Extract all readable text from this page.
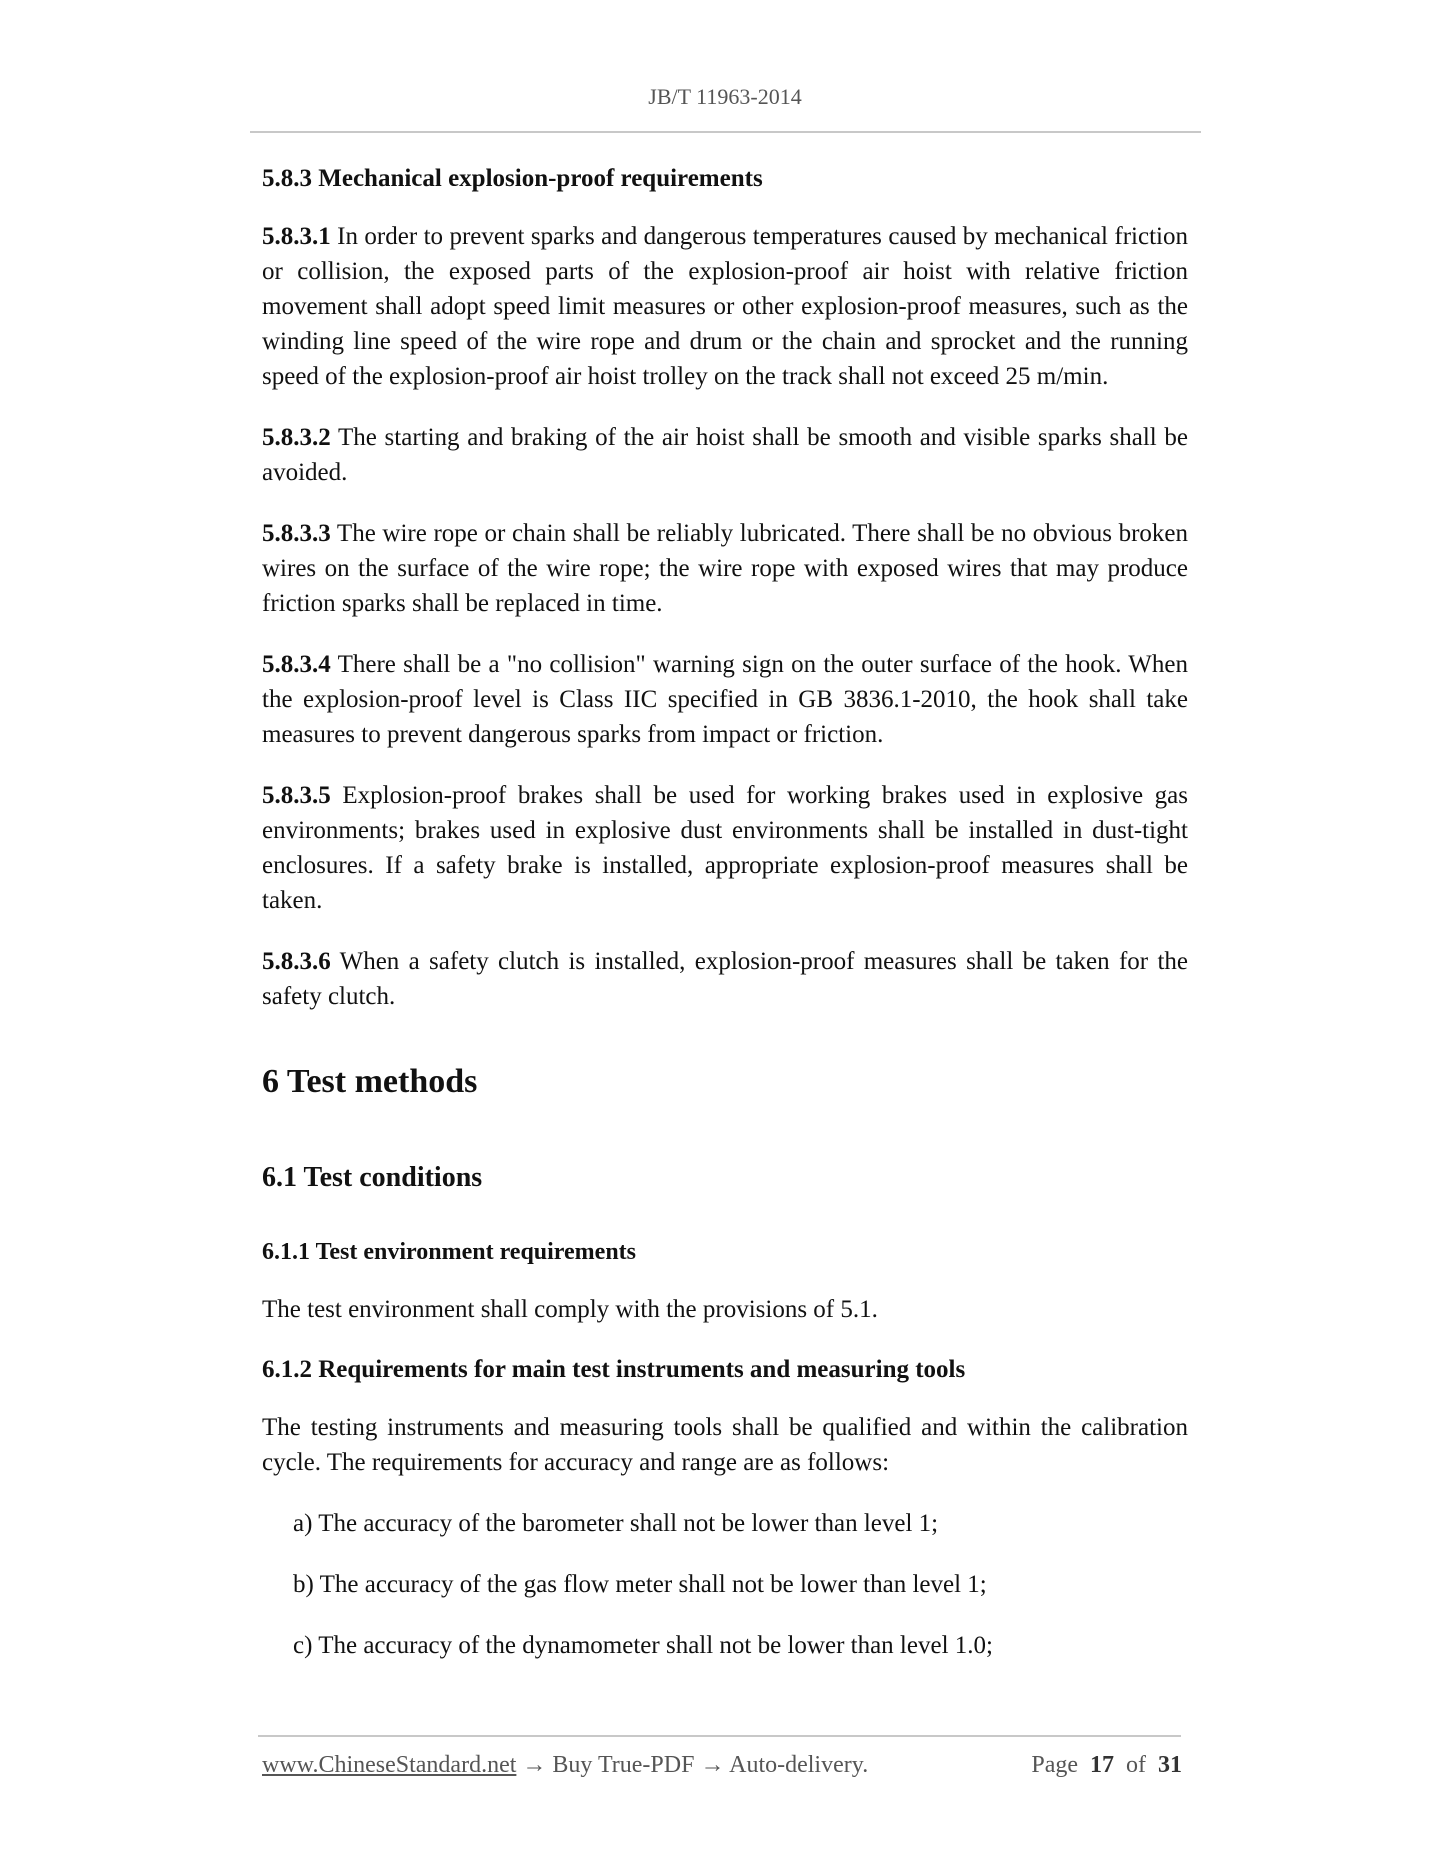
JB/T 11963-2014
5.8.3 Mechanical explosion-proof requirements

5.8.3.1 In order to prevent sparks and dangerous temperatures caused by mechanical friction or collision, the exposed parts of the explosion-proof air hoist with relative friction movement shall adopt speed limit measures or other explosion-proof measures, such as the winding line speed of the wire rope and drum or the chain and sprocket and the running speed of the explosion-proof air hoist trolley on the track shall not exceed 25 m/min.

5.8.3.2 The starting and braking of the air hoist shall be smooth and visible sparks shall be avoided.

5.8.3.3 The wire rope or chain shall be reliably lubricated. There shall be no obvious broken wires on the surface of the wire rope; the wire rope with exposed wires that may produce friction sparks shall be replaced in time.

5.8.3.4 There shall be a "no collision" warning sign on the outer surface of the hook. When the explosion-proof level is Class IIC specified in GB 3836.1-2010, the hook shall take measures to prevent dangerous sparks from impact or friction.

5.8.3.5 Explosion-proof brakes shall be used for working brakes used in explosive gas environments; brakes used in explosive dust environments shall be installed in dust-tight enclosures. If a safety brake is installed, appropriate explosion-proof measures shall be taken.

5.8.3.6 When a safety clutch is installed, explosion-proof measures shall be taken for the safety clutch.

6 Test methods
6.1 Test conditions
6.1.1 Test environment requirements

The test environment shall comply with the provisions of 5.1.

6.1.2 Requirements for main test instruments and measuring tools

The testing instruments and measuring tools shall be qualified and within the calibration cycle. The requirements for accuracy and range are as follows:

a) The accuracy of the barometer shall not be lower than level 1;
b) The accuracy of the gas flow meter shall not be lower than level 1;
c) The accuracy of the dynamometer shall not be lower than level 1.0;
www.ChineseStandard.net → Buy True-PDF → Auto-delivery.	Page 17 of 31
